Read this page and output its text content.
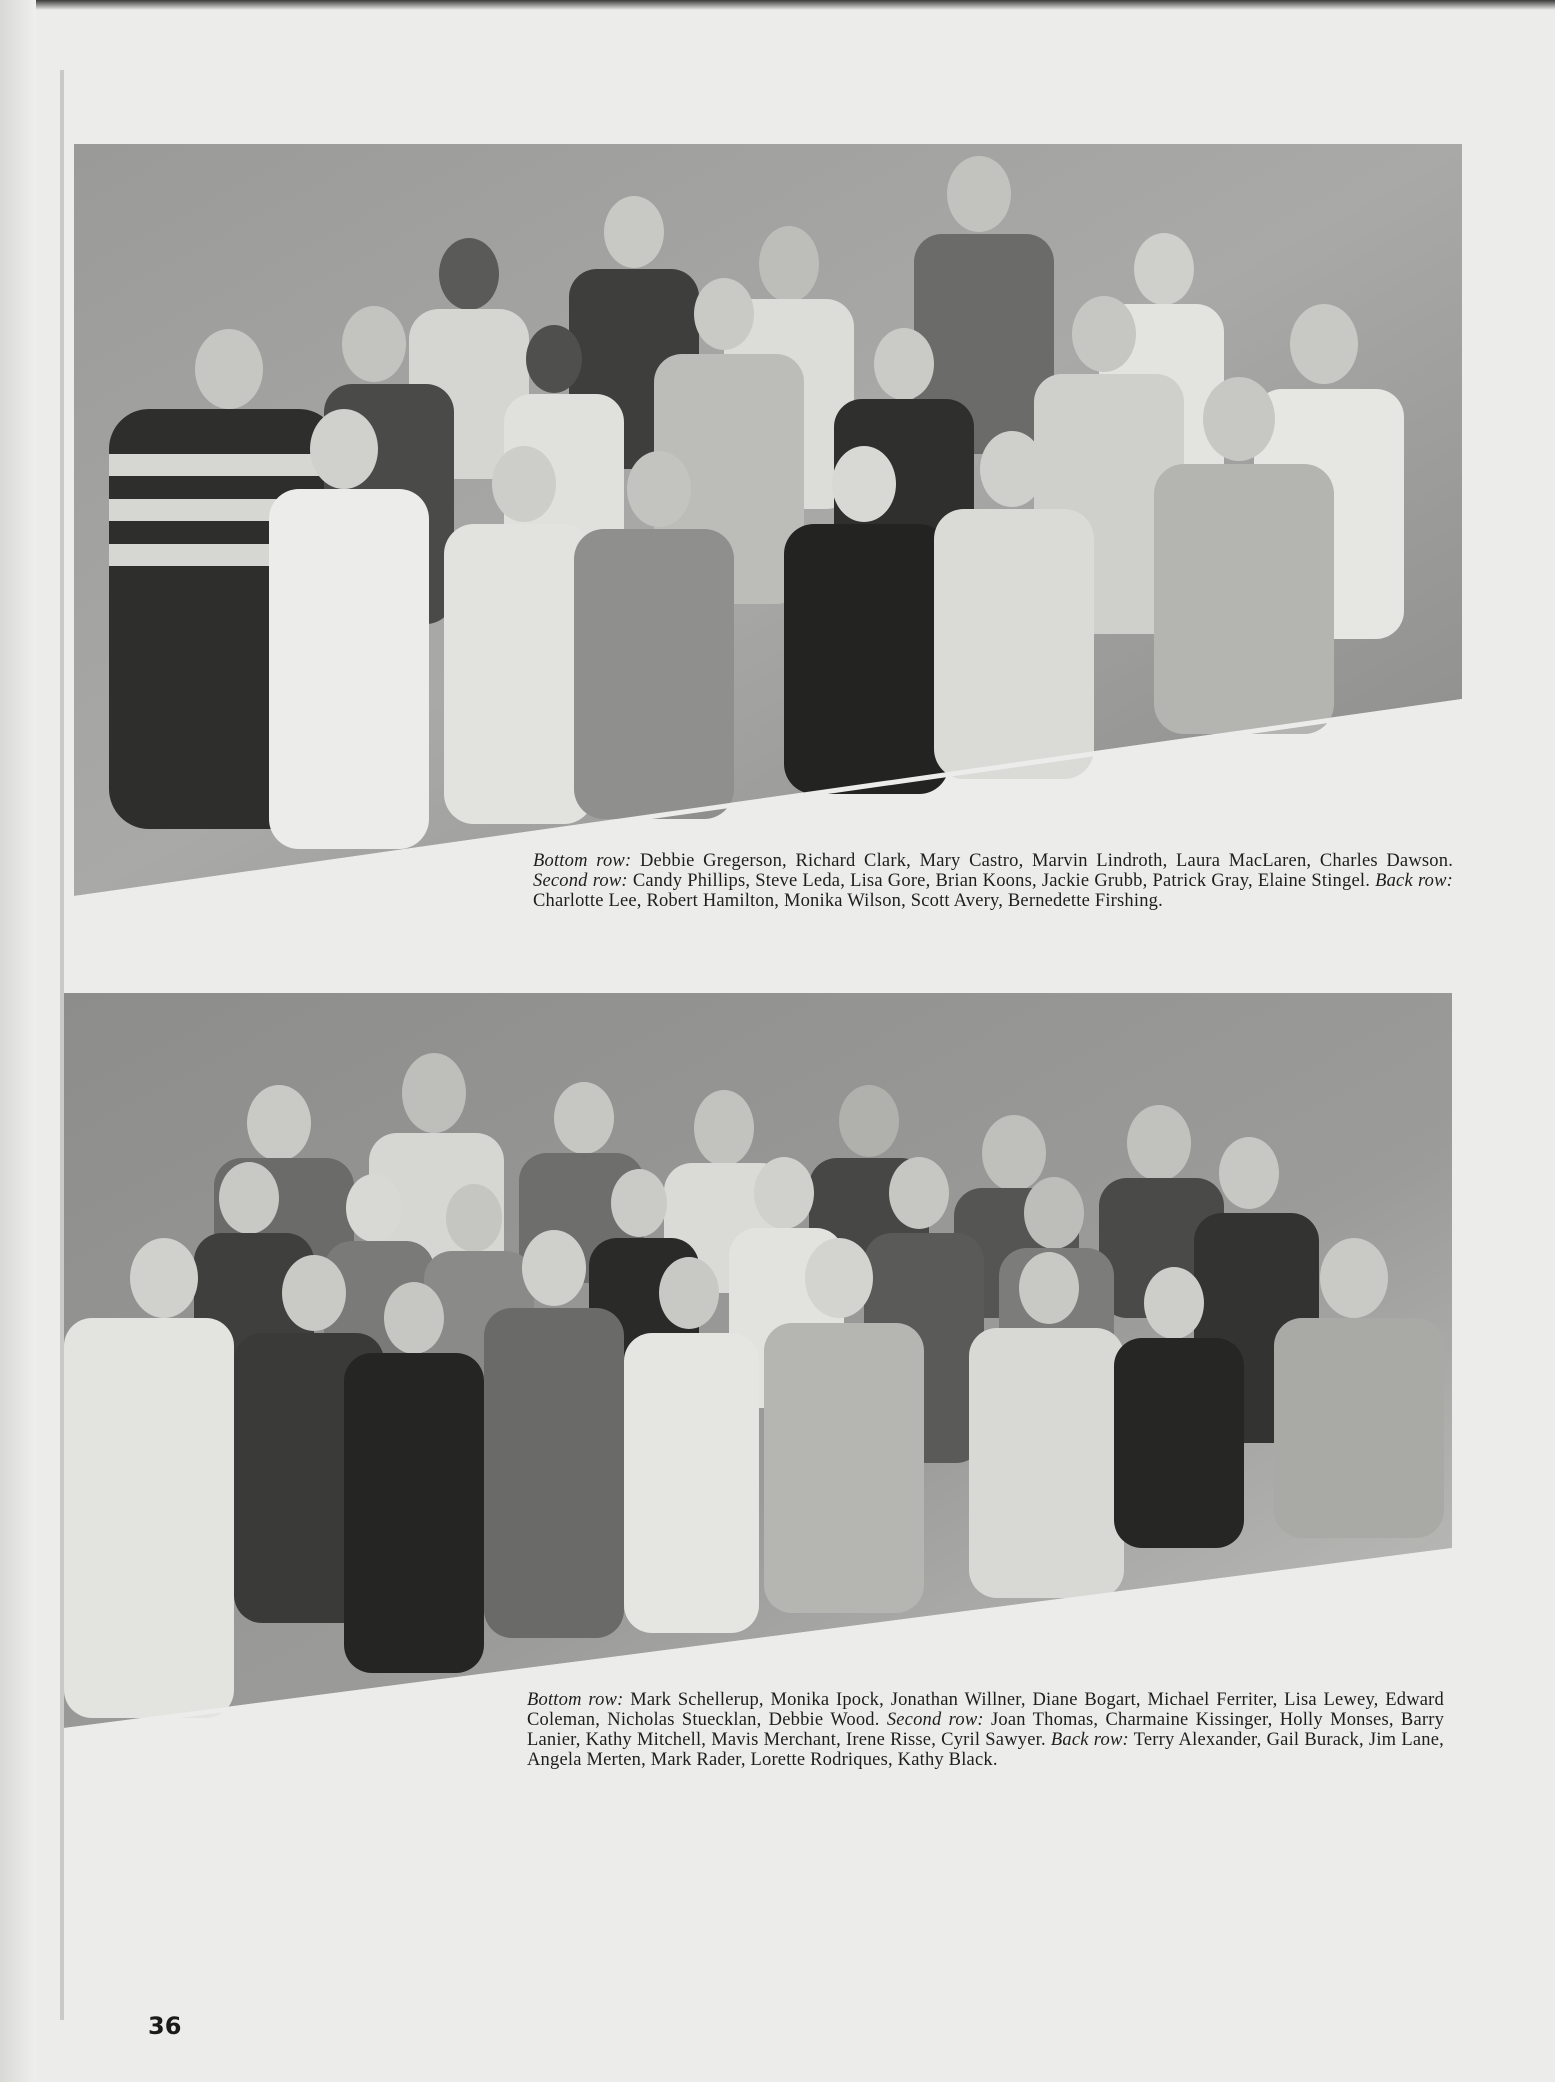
Bottom row: Debbie Gregerson, Richard Clark, Mary Castro, Marvin Lindroth, Laura MacLaren, Charles Dawson. Second row: Candy Phillips, Steve Leda, Lisa Gore, Brian Koons, Jackie Grubb, Patrick Gray, Elaine Stingel. Back row: Charlotte Lee, Robert Hamilton, Monika Wilson, Scott Avery, Bernedette Firshing.
Bottom row: Mark Schellerup, Monika Ipock, Jonathan Willner, Diane Bogart, Michael Ferriter, Lisa Lewey, Edward Coleman, Nicholas Stuecklan, Debbie Wood. Second row: Joan Thomas, Charmaine Kissinger, Holly Monses, Barry Lanier, Kathy Mitchell, Mavis Merchant, Irene Risse, Cyril Sawyer. Back row: Terry Alexander, Gail Burack, Jim Lane, Angela Merten, Mark Rader, Lorette Rodriques, Kathy Black.
36
